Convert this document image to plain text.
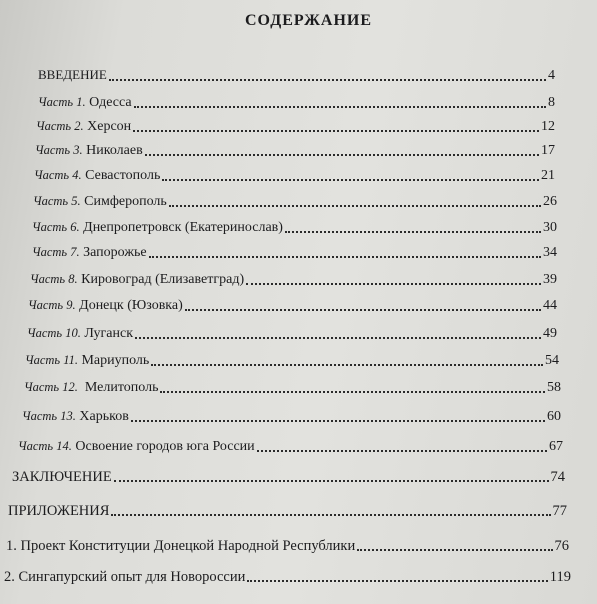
СОДЕРЖАНИЕ
ВВЕДЕНИЕ	4
Часть 1. Одесса	8
Часть 2. Херсон	12
Часть 3. Николаев	17
Часть 4. Севастополь	21
Часть 5. Симферополь	26
Часть 6. Днепропетровск (Екатеринослав)	30
Часть 7. Запорожье	34
Часть 8. Кировоград (Елизаветград)	39
Часть 9. Донецк (Юзовка)	44
Часть 10. Луганск	49
Часть 11. Мариуполь	54
Часть 12. Мелитополь	58
Часть 13. Харьков	60
Часть 14. Освоение городов юга России	67
ЗАКЛЮЧЕНИЕ	74
ПРИЛОЖЕНИЯ	77
1. Проект Конституции Донецкой Народной Республики	76
2. Сингапурский опыт для Новороссии	119
